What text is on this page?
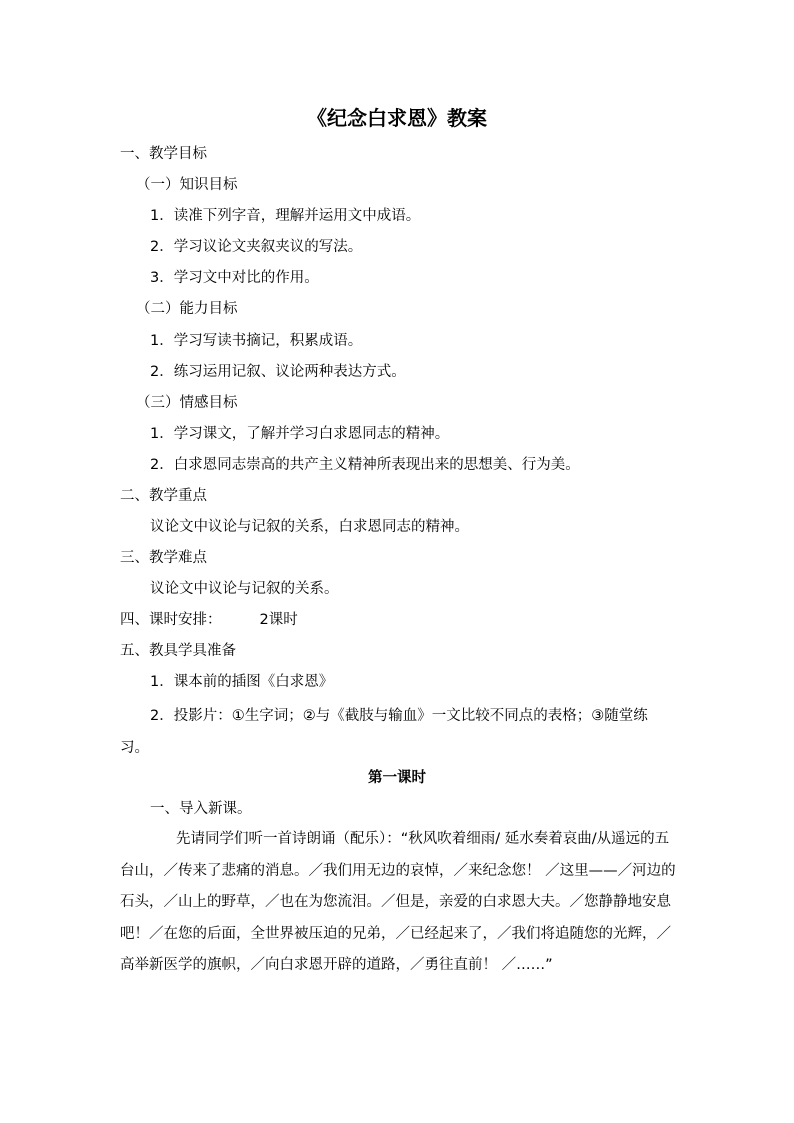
《纪念白求恩》教案
一、教学目标
（一）知识目标
1．读准下列字音，理解并运用文中成语。
2．学习议论文夹叙夹议的写法。
3．学习文中对比的作用。
（二）能力目标
1．学习写读书摘记，积累成语。
2．练习运用记叙、议论两种表达方式。
（三）情感目标
1．学习课文，了解并学习白求恩同志的精神。
2．白求恩同志崇高的共产主义精神所表现出来的思想美、行为美。
二、教学重点
议论文中议论与记叙的关系，白求恩同志的精神。
三、教学难点
议论文中议论与记叙的关系。
四、课时安排：	2课时
五、教具学具准备
1．课本前的插图《白求恩》
2．投影片：①生字词；②与《截肢与输血》一文比较不同点的表格；③随堂练习。
第一课时
一、导入新课。
先请同学们听一首诗朗诵（配乐）：“秋风吹着细雨/ 延水奏着哀曲/从遥远的五台山，／传来了悲痛的消息。／我们用无边的哀悼，／来纪念您！ ／这里——／河边的石头，／山上的野草，／也在为您流泪。／但是，亲爱的白求恩大夫。／您静静地安息吧！／在您的后面，全世界被压迫的兄弟，／已经起来了，／我们将追随您的光辉，／高举新医学的旗帜，／向白求恩开辟的道路，／勇往直前！ ／……”
